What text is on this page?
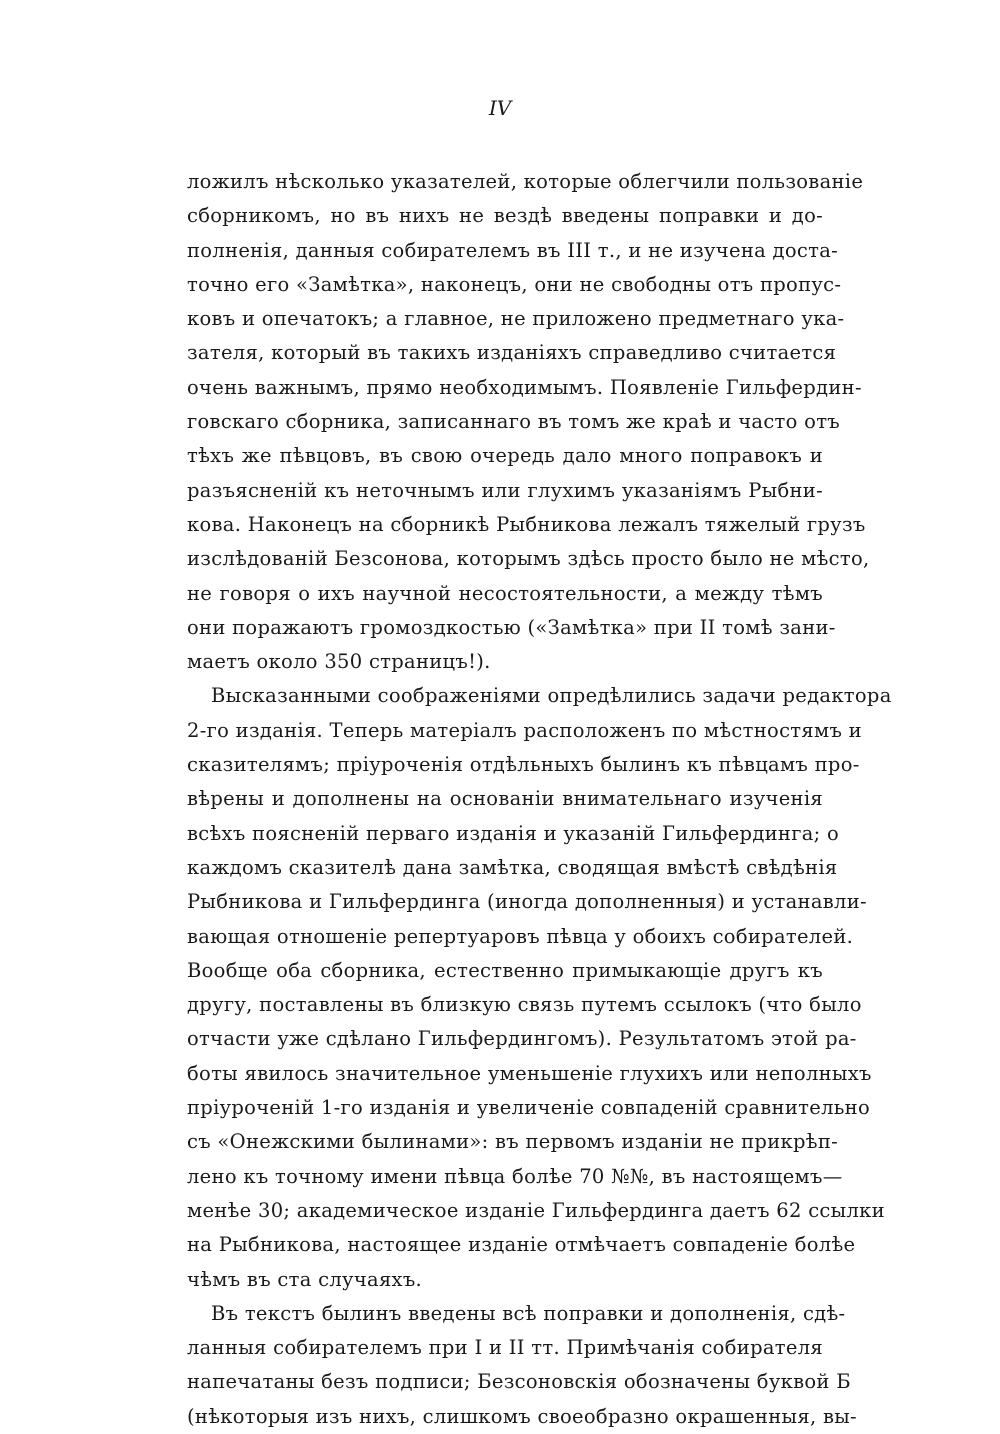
IV
ложилъ нѣсколько указателей, которые облегчили пользованіе
сборникомъ, но въ нихъ не вездѣ введены поправки и до-
полненія, данныя собирателемъ въ III т., и не изучена доста-
точно его «Замѣтка», наконецъ, они не свободны отъ пропус-
ковъ и опечатокъ; а главное, не приложено предметнаго ука-
зателя, который въ такихъ изданіяхъ справедливо считается
очень важнымъ, прямо необходимымъ. Появленіе Гильфердин-
говскаго сборника, записаннаго въ томъ же краѣ и часто отъ
тѣхъ же пѣвцовъ, въ свою очередь дало много поправокъ и
разъясненій къ неточнымъ или глухимъ указаніямъ Рыбни-
кова. Наконецъ на сборникѣ Рыбникова лежалъ тяжелый грузъ
изслѣдованій Безсонова, которымъ здѣсь просто было не мѣсто,
не говоря о ихъ научной несостоятельности, а между тѣмъ
они поражаютъ громоздкостью («Замѣтка» при II томѣ зани-
маетъ около 350 страницъ!).
Высказанными соображеніями опредѣлились задачи редактора
2-го изданія. Теперь матеріалъ расположенъ по мѣстностямъ и
сказителямъ; пріуроченія отдѣльныхъ былинъ къ пѣвцамъ про-
вѣрены и дополнены на основаніи внимательнаго изученія
всѣхъ поясненій перваго изданія и указаній Гильфердинга; о
каждомъ сказителѣ дана замѣтка, сводящая вмѣстѣ свѣдѣнія
Рыбникова и Гильфердинга (иногда дополненныя) и устанавли-
вающая отношеніе репертуаровъ пѣвца у обоихъ собирателей.
Вообще оба сборника, естественно примыкающіе другъ къ
другу, поставлены въ близкую связь путемъ ссылокъ (что было
отчасти уже сдѣлано Гильфердингомъ). Результатомъ этой ра-
боты явилось значительное уменьшеніе глухихъ или неполныхъ
пріуроченій 1-го изданія и увеличеніе совпаденій сравнительно
съ «Онежскими былинами»: въ первомъ изданіи не прикрѣп-
лено къ точному имени пѣвца болѣе 70 №№, въ настоящемъ—
менѣе 30; академическое изданіе Гильфердинга даетъ 62 ссылки
на Рыбникова, настоящее изданіе отмѣчаетъ совпаденіе болѣе
чѣмъ въ ста случаяхъ.
Въ текстъ былинъ введены всѣ поправки и дополненія, сдѣ-
ланныя собирателемъ при I и II тт. Примѣчанія собирателя
напечатаны безъ подписи; Безсоновскія обозначены буквой Б
(нѣкоторыя изъ нихъ, слишкомъ своеобразно окрашенныя, вы-
